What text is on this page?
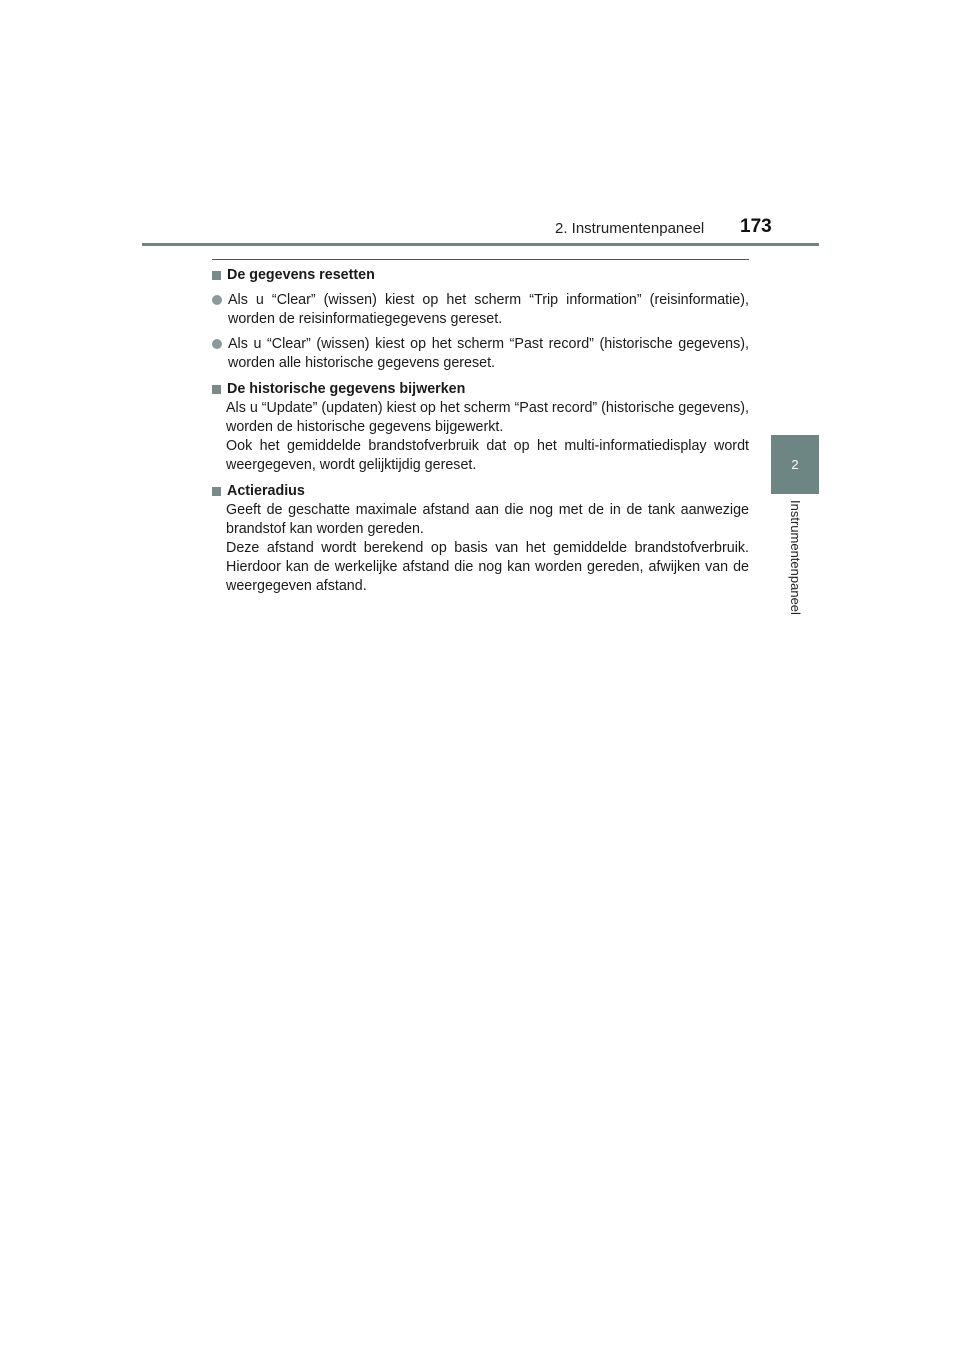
2. Instrumentenpaneel 173
2
Instrumentenpaneel
De gegevens resetten
Als u “Clear” (wissen) kiest op het scherm “Trip information” (reisinformatie), worden de reisinformatiegegevens gereset.
Als u “Clear” (wissen) kiest op het scherm “Past record” (historische gegevens), worden alle historische gegevens gereset.
De historische gegevens bijwerken
Als u “Update” (updaten) kiest op het scherm “Past record” (historische gegevens), worden de historische gegevens bijgewerkt.
Ook het gemiddelde brandstofverbruik dat op het multi-informatiedisplay wordt weergegeven, wordt gelijktijdig gereset.
Actieradius
Geeft de geschatte maximale afstand aan die nog met de in de tank aanwezige brandstof kan worden gereden.
Deze afstand wordt berekend op basis van het gemiddelde brandstofverbruik. Hierdoor kan de werkelijke afstand die nog kan worden gereden, afwijken van de weergegeven afstand.
